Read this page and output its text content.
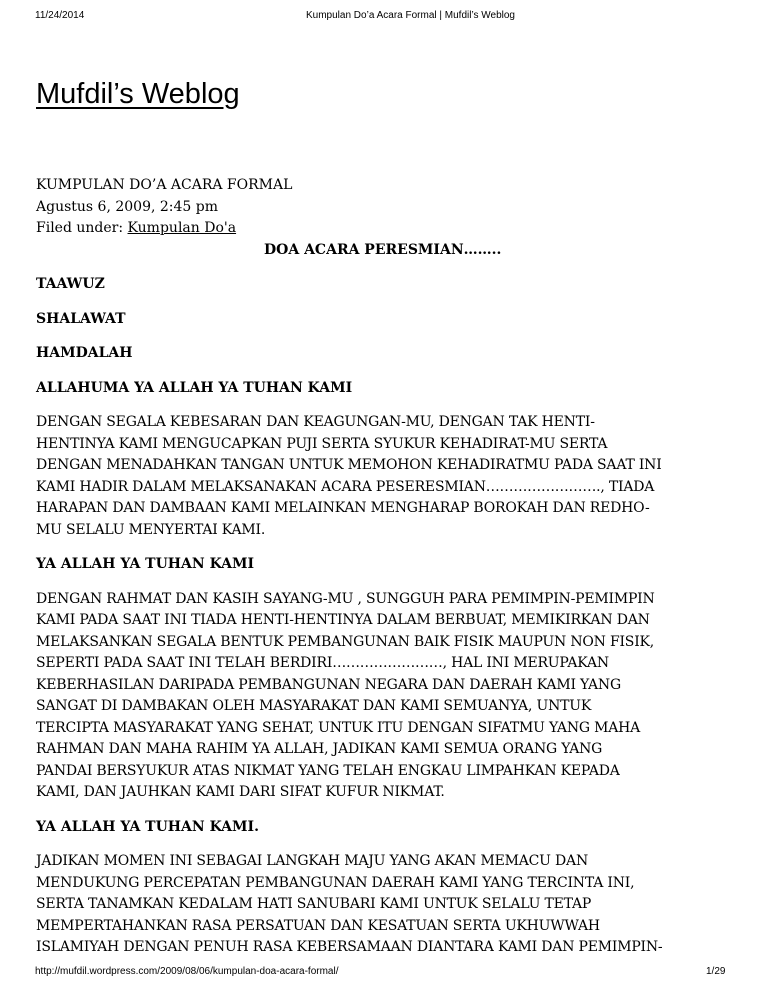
11/24/2014	Kumpulan Do’a Acara Formal | Mufdil’s Weblog
Mufdil’s Weblog

KUMPULAN DO’A ACARA FORMAL

Agustus 6, 2009, 2:45 pm

Filed under: Kumpulan Do'a

DOA ACARA PERESMIAN……..

TAAWUZ

SHALAWAT

HAMDALAH

ALLAHUMA YA ALLAH YA TUHAN KAMI

DENGAN SEGALA KEBESARAN DAN KEAGUNGAN-MU, DENGAN TAK HENTI-
HENTINYA KAMI MENGUCAPKAN PUJI SERTA SYUKUR KEHADIRAT-MU SERTA
DENGAN MENADAHKAN TANGAN UNTUK MEMOHON KEHADIRATMU PADA SAAT INI
KAMI HADIR DALAM MELAKSANAKAN ACARA PESERESMIAN……………………., TIADA
HARAPAN DAN DAMBAAN KAMI MELAINKAN MENGHARAP BOROKAH DAN REDHO-
MU SELALU MENYERTAI KAMI.

YA ALLAH YA TUHAN KAMI

DENGAN RAHMAT DAN KASIH SAYANG-MU , SUNGGUH PARA PEMIMPIN-PEMIMPIN
KAMI PADA SAAT INI TIADA HENTI-HENTINYA DALAM BERBUAT, MEMIKIRKAN DAN
MELAKSANKAN SEGALA BENTUK PEMBANGUNAN BAIK FISIK MAUPUN NON FISIK,
SEPERTI PADA SAAT INI TELAH BERDIRI……………………, HAL INI MERUPAKAN
KEBERHASILAN DARIPADA PEMBANGUNAN NEGARA DAN DAERAH KAMI YANG
SANGAT DI DAMBAKAN OLEH MASYARAKAT DAN KAMI SEMUANYA, UNTUK
TERCIPTA MASYARAKAT YANG SEHAT, UNTUK ITU DENGAN SIFATMU YANG MAHA
RAHMAN DAN MAHA RAHIM YA ALLAH, JADIKAN KAMI SEMUA ORANG YANG
PANDAI BERSYUKUR ATAS NIKMAT YANG TELAH ENGKAU LIMPAHKAN KEPADA
KAMI, DAN JAUHKAN KAMI DARI SIFAT KUFUR NIKMAT.

YA ALLAH YA TUHAN KAMI.

JADIKAN MOMEN INI SEBAGAI LANGKAH MAJU YANG AKAN MEMACU DAN
MENDUKUNG PERCEPATAN PEMBANGUNAN DAERAH KAMI YANG TERCINTA INI,
SERTA TANAMKAN KEDALAM HATI SANUBARI KAMI UNTUK SELALU TETAP
MEMPERTAHANKAN RASA PERSATUAN DAN KESATUAN SERTA UKHUWWAH
ISLAMIYAH DENGAN PENUH RASA KEBERSAMAAN DIANTARA KAMI DAN PEMIMPIN-
http://mufdil.wordpress.com/2009/08/06/kumpulan-doa-acara-formal/	1/29
